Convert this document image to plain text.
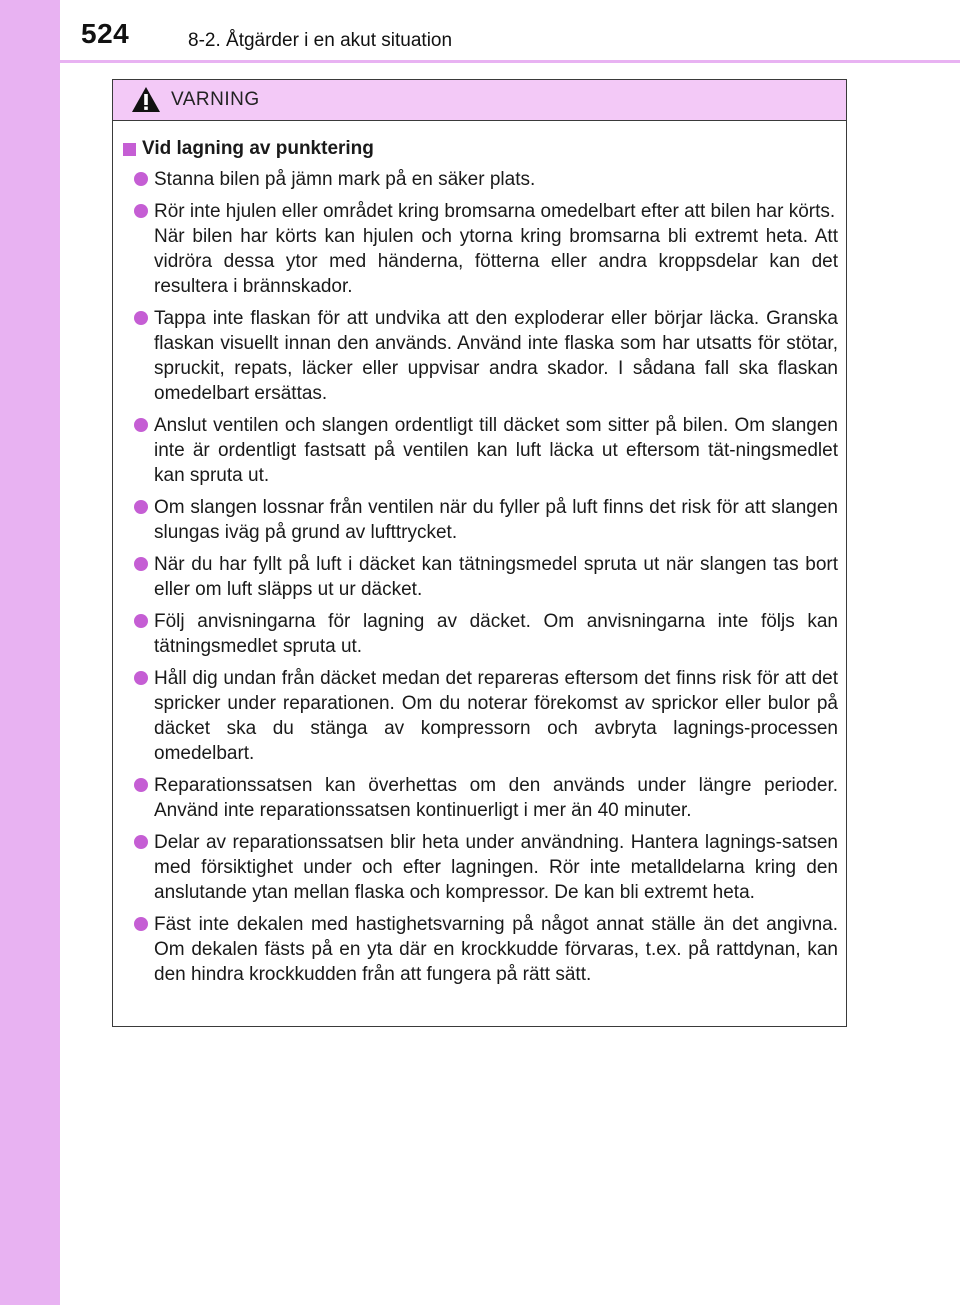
524	8-2. Åtgärder i en akut situation
VARNING
Vid lagning av punktering
Stanna bilen på jämn mark på en säker plats.
Rör inte hjulen eller området kring bromsarna omedelbart efter att bilen har körts.
När bilen har körts kan hjulen och ytorna kring bromsarna bli extremt heta. Att vidröra dessa ytor med händerna, fötterna eller andra kroppsdelar kan det resultera i brännskador.
Tappa inte flaskan för att undvika att den exploderar eller börjar läcka. Granska flaskan visuellt innan den används. Använd inte flaska som har utsatts för stötar, spruckit, repats, läcker eller uppvisar andra skador. I sådana fall ska flaskan omedelbart ersättas.
Anslut ventilen och slangen ordentligt till däcket som sitter på bilen. Om slangen inte är ordentligt fastsatt på ventilen kan luft läcka ut eftersom tät-ningsmedlet kan spruta ut.
Om slangen lossnar från ventilen när du fyller på luft finns det risk för att slangen slungas iväg på grund av lufttrycket.
När du har fyllt på luft i däcket kan tätningsmedel spruta ut när slangen tas bort eller om luft släpps ut ur däcket.
Följ anvisningarna för lagning av däcket. Om anvisningarna inte följs kan tätningsmedlet spruta ut.
Håll dig undan från däcket medan det repareras eftersom det finns risk för att det spricker under reparationen. Om du noterar förekomst av sprickor eller bulor på däcket ska du stänga av kompressorn och avbryta lagnings-processen omedelbart.
Reparationssatsen kan överhettas om den används under längre perioder. Använd inte reparationssatsen kontinuerligt i mer än 40 minuter.
Delar av reparationssatsen blir heta under användning. Hantera lagnings-satsen med försiktighet under och efter lagningen. Rör inte metalldelarna kring den anslutande ytan mellan flaska och kompressor. De kan bli extremt heta.
Fäst inte dekalen med hastighetsvarning på något annat ställe än det angivna. Om dekalen fästs på en yta där en krockkudde förvaras, t.ex. på rattdynan, kan den hindra krockkudden från att fungera på rätt sätt.
